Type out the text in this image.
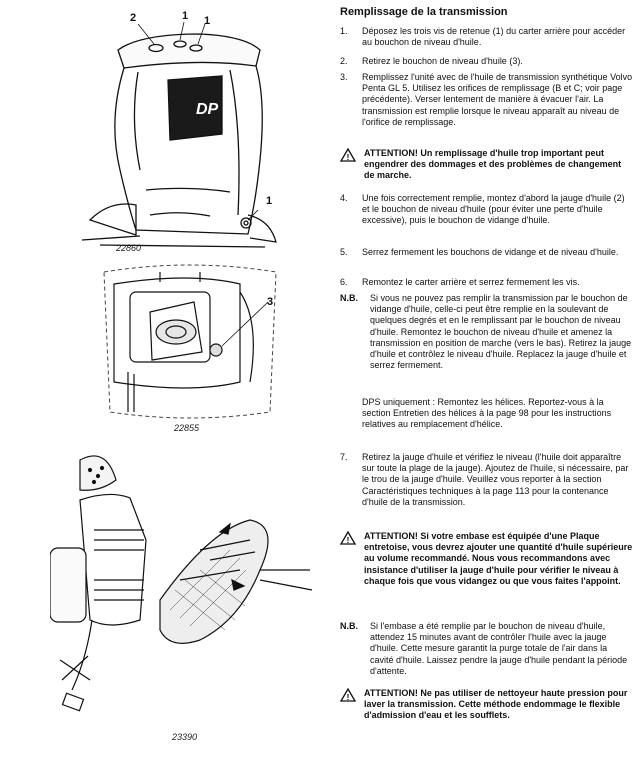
DP
2	1 1
1
22860
3
22855
23390
Remplissage de la transmission
1.	Déposez les trois vis de retenue (1) du carter arrière pour accéder au bouchon de niveau d'huile.
2.	Retirez le bouchon de niveau d'huile (3).
3.	Remplissez l'unité avec de l'huile de transmission synthétique Volvo Penta GL 5. Utilisez les orifices de remplissage (B et C; voir page précédente). Verser lentement de manière à évacuer l'air. La transmission est remplie lorsque le niveau apparaît au niveau de l'orifice de remplissage.
! ATTENTION! Un remplissage d'huile trop important peut engendrer des dommages et des problèmes de changement de marche.
4.	Une fois correctement remplie, montez d'abord la jauge d'huile (2) et le bouchon de niveau d'huile (pour éviter une perte d'huile excessive), puis le bouchon de vidange d'huile.
5.	Serrez fermement les bouchons de vidange et de niveau d'huile.
6.	Remontez le carter arrière et serrez fermement les vis.
N.B. Si vous ne pouvez pas remplir la transmission par le bouchon de vidange d'huile, celle-ci peut être remplie en la soulevant de quelques degrés et en le remplissant par le bouchon de niveau d'huile. Remontez le bouchon de niveau d'huile et amenez la transmission en position de marche (vers le bas). Retirez la jauge d'huile et contrôlez le niveau d'huile. Replacez la jauge d'huile et serrez fermement.
DPS uniquement : Remontez les hélices. Reportez-vous à la section Entretien des hélices à la page 98 pour les instructions relatives au remplacement d'hélice.
7.	Retirez la jauge d'huile et vérifiez le niveau (l'huile doit apparaître sur toute la plage de la jauge). Ajoutez de l'huile, si nécessaire, par le trou de la jauge d'huile. Veuillez vous reporter à la section Caractéristiques techniques à la page 113 pour la contenance d'huile de la transmission.
! ATTENTION! Si votre embase est équipée d'une Plaque entretoise, vous devrez ajouter une quantité d'huile supérieure au volume recommandé. Nous vous recommandons avec insistance d'utiliser la jauge d'huile pour vérifier le niveau à chaque fois que vous vidangez ou que vous faites l'appoint.
N.B. Si l'embase a été remplie par le bouchon de niveau d'huile, attendez 15 minutes avant de contrôler l'huile avec la jauge d'huile. Cette mesure garantit la purge totale de l'air dans la cavité d'huile. Laissez pendre la jauge d'huile pendant la période d'attente.
! ATTENTION! Ne pas utiliser de nettoyeur haute pression pour laver la transmission. Cette méthode endommage le flexible d'admission d'eau et les soufflets.
